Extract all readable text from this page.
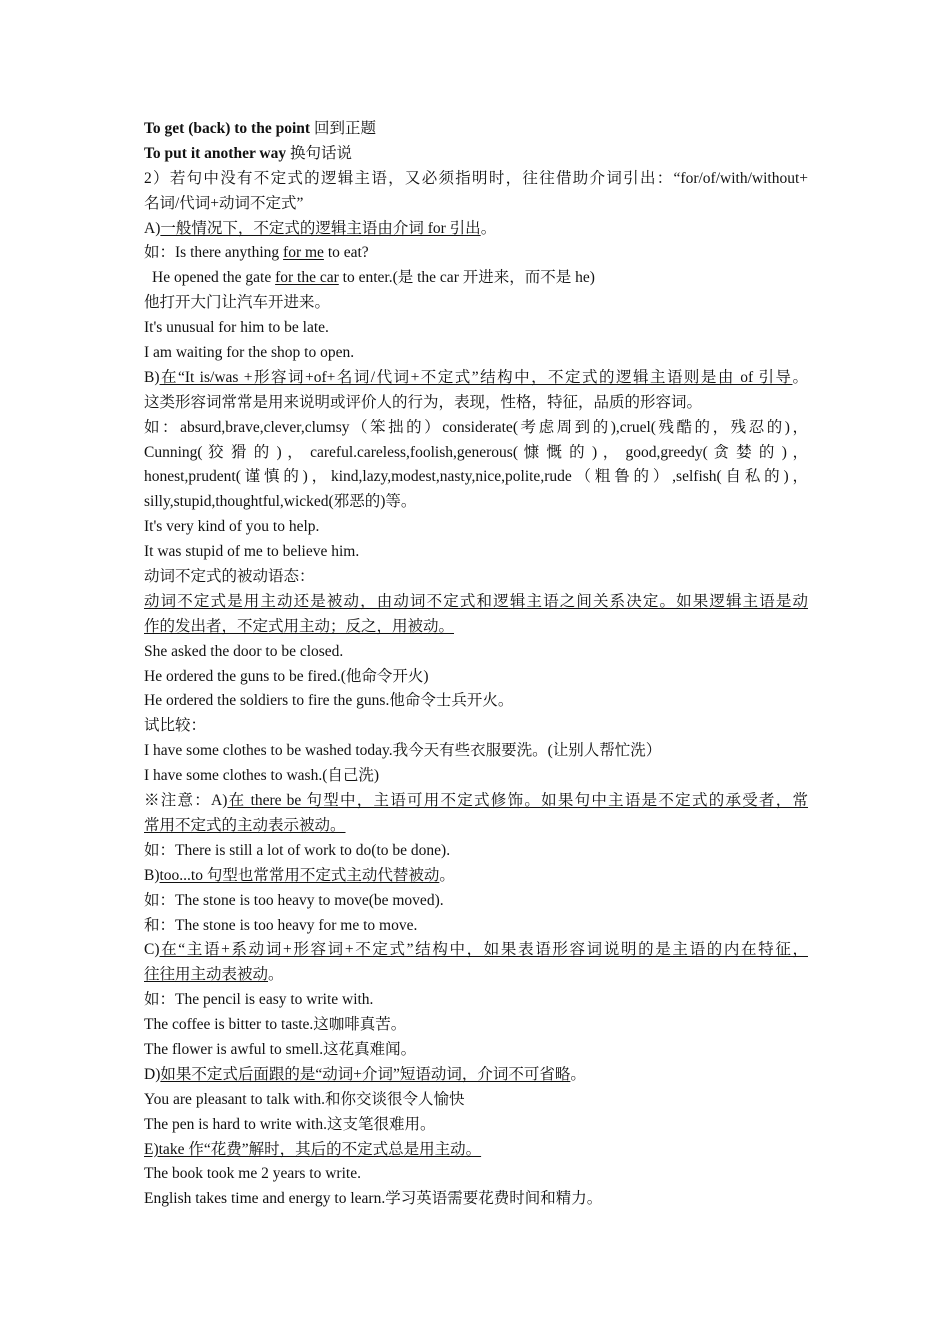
To get (back) to the point 回到正题
To put it another way 换句话说
2）若句中没有不定式的逻辑主语，又必须指明时，往往借助介词引出：“for/of/with/without+
名词/代词+动词不定式”
A)一般情况下，不定式的逻辑主语由介词 for 引出。
如：Is there anything for me to eat?
He opened the gate for the car to enter.(是 the car 开进来，而不是 he)
他打开大门让汽车开进来。
It's unusual for him to be late.
I am waiting for the shop to open.
B)在“It is/was +形容词+of+名词/代词+不定式”结构中，不定式的逻辑主语则是由 of 引导。
这类形容词常常是用来说明或评价人的行为，表现，性格，特征，品质的形容词。
如：absurd,brave,clever,clumsy（笨拙的）considerate(考虑周到的),cruel(残酷的，残忍的)，
Cunning( 狡 猾 的 ) ， careful.careless,foolish,generous( 慷 慨 的 ) ， good,greedy( 贪 婪 的 ) ，
honest,prudent(谨慎的)，kind,lazy,modest,nasty,nice,polite,rude（粗鲁的）,selfish(自私的)，
silly,stupid,thoughtful,wicked(邪恶的)等。
It's very kind of you to help.
It was stupid of me to believe him.
动词不定式的被动语态：
动词不定式是用主动还是被动，由动词不定式和逻辑主语之间关系决定。如果逻辑主语是动
作的发出者，不定式用主动；反之，用被动。
She asked the door to be closed.
He ordered the guns to be fired.(他命令开火)
He ordered the soldiers to fire the guns.他命令士兵开火。
试比较：
I have some clothes to be washed today.我今天有些衣服要洗。(让别人帮忙洗）
I have some clothes to wash.(自己洗)
※注意：A)在 there be 句型中，主语可用不定式修饰。如果句中主语是不定式的承受者，常
常用不定式的主动表示被动。
如：There is still a lot of work to do(to be done).
B)too...to 句型也常常用不定式主动代替被动。
如：The stone is too heavy to move(be moved).
和：The stone is too heavy for me to move.
C)在“主语+系动词+形容词+不定式”结构中，如果表语形容词说明的是主语的内在特征，
往往用主动表被动。
如：The pencil is easy to write with.
The coffee is bitter to taste.这咖啡真苦。
The flower is awful to smell.这花真难闻。
D)如果不定式后面跟的是“动词+介词”短语动词，介词不可省略。
You are pleasant to talk with.和你交谈很令人愉快
The pen is hard to write with.这支笔很难用。
E)take 作“花费”解时，其后的不定式总是用主动。
The book took me 2 years to write.
English takes time and energy to learn.学习英语需要花费时间和精力。
